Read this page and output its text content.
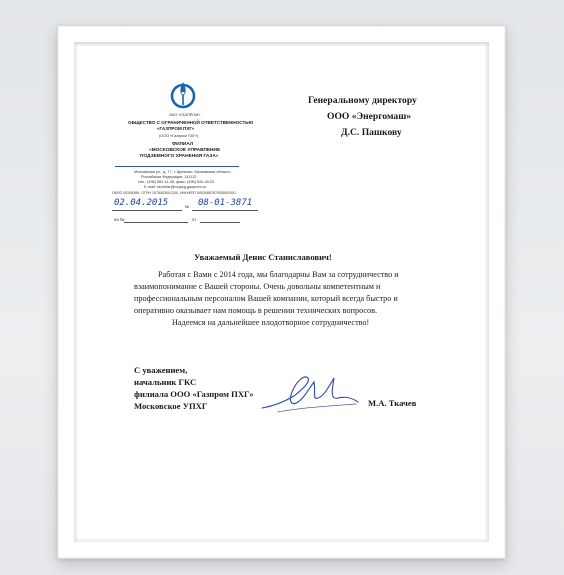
ОАО «ГАЗПРОМ»
ОБЩЕСТВО С ОГРАНИЧЕННОЙ ОТВЕТСТВЕННОСТЬЮ
«ГАЗПРОМ ПХГ»
(ООО «Газпром ПХГ»)
ФИЛИАЛ
«МОСКОВСКОЕ УПРАВЛЕНИЕ
ПОДЗЕМНОГО ХРАНЕНИЯ ГАЗА»
Московская ул., д. 77, г. Щелково, Московская область,
Российская Федерация, 141112
тел.: (496) 562-11-46, факс: (496) 526-40-02
E-mail: secretar@mupxg.gazprom.ru
ОКПО 00209269, ОГРН 1075003001200, ИНН/КПП 5003065767/505002001
02.04.2015	08-01-3871
№
на №	от
Генеральному директору
ООО «Энергомаш»
Д.С. Пашкову
Уважаемый Денис Станиславович!
Работая с Вами с 2014 года, мы благодарны Вам за сотрудничество и
взаимопонимание с Вашей стороны. Очень довольны компетентным и
профессиональным персоналом Вашей компании, который всегда быстро и
оперативно оказывает нам помощь в решении технических вопросов.
Надеемся на дальнейшее плодотворное сотрудничество!
С уважением,
начальник ГКС
филиала ООО «Газпром ПХГ»
Московское УПХГ	М.А. Ткачев
